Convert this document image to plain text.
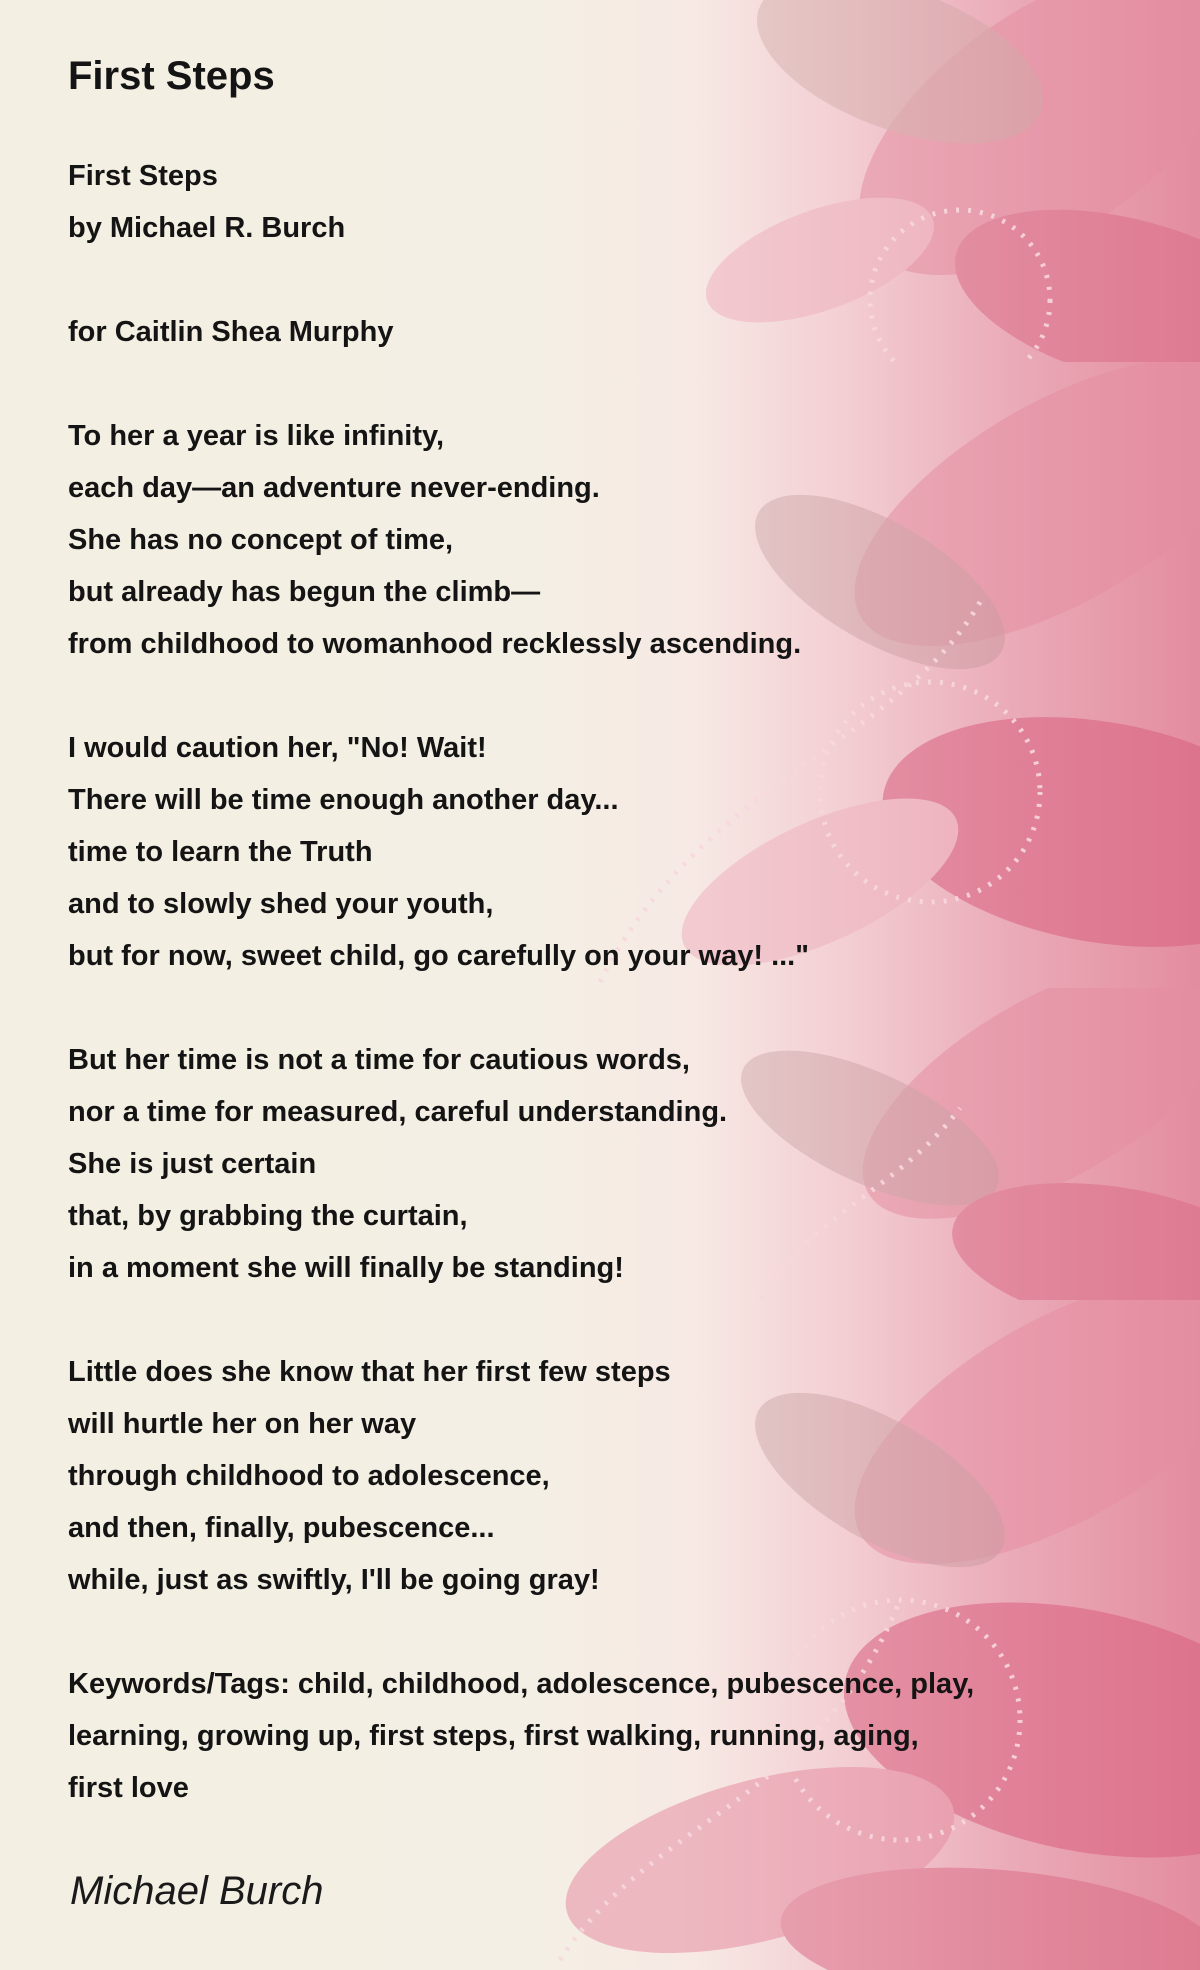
First Steps
First Steps
by Michael R. Burch
for Caitlin Shea Murphy
To her a year is like infinity,
each day—an adventure never-ending.
She has no concept of time,
but already has begun the climb—
from childhood to womanhood recklessly ascending.
I would caution her, "No! Wait!
There will be time enough another day...
time to learn the Truth
and to slowly shed your youth,
but for now, sweet child, go carefully on your way! ..."
But her time is not a time for cautious words,
nor a time for measured, careful understanding.
She is just certain
that, by grabbing the curtain,
in a moment she will finally be standing!
Little does she know that her first few steps
will hurtle her on her way
through childhood to adolescence,
and then, finally, pubescence...
while, just as swiftly, I'll be going gray!
Keywords/Tags: child, childhood, adolescence, pubescence, play,
learning, growing up, first steps, first walking, running, aging,
first love
Michael Burch
